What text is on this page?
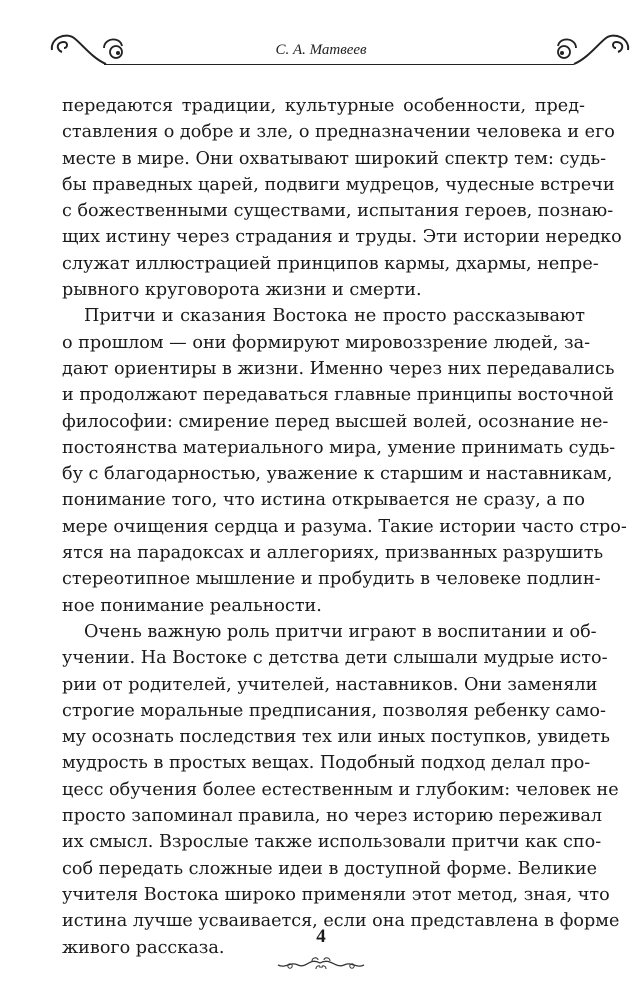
С. А. Матвеев
передаются традиции, культурные особенности, пред-
ставления о добре и зле, о предназначении человека и его
месте в мире. Они охватывают широкий спектр тем: судь-
бы праведных царей, подвиги мудрецов, чудесные встречи
с божественными существами, испытания героев, познаю-
щих истину через страдания и труды. Эти истории нередко
служат иллюстрацией принципов кармы, дхармы, непре-
рывного круговорота жизни и смерти.
Притчи и сказания Востока не просто рассказывают
о прошлом — они формируют мировоззрение людей, за-
дают ориентиры в жизни. Именно через них передавались
и продолжают передаваться главные принципы восточной
философии: смирение перед высшей волей, осознание не-
постоянства материального мира, умение принимать судь-
бу с благодарностью, уважение к старшим и наставникам,
понимание того, что истина открывается не сразу, а по
мере очищения сердца и разума. Такие истории часто стро-
ятся на парадоксах и аллегориях, призванных разрушить
стереотипное мышление и пробудить в человеке подлин-
ное понимание реальности.
Очень важную роль притчи играют в воспитании и об-
учении. На Востоке с детства дети слышали мудрые исто-
рии от родителей, учителей, наставников. Они заменяли
строгие моральные предписания, позволяя ребенку само-
му осознать последствия тех или иных поступков, увидеть
мудрость в простых вещах. Подобный подход делал про-
цесс обучения более естественным и глубоким: человек не
просто запоминал правила, но через историю переживал
их смысл. Взрослые также использовали притчи как спо-
соб передать сложные идеи в доступной форме. Великие
учителя Востока широко применяли этот метод, зная, что
истина лучше усваивается, если она представлена в форме
живого рассказа.
4
